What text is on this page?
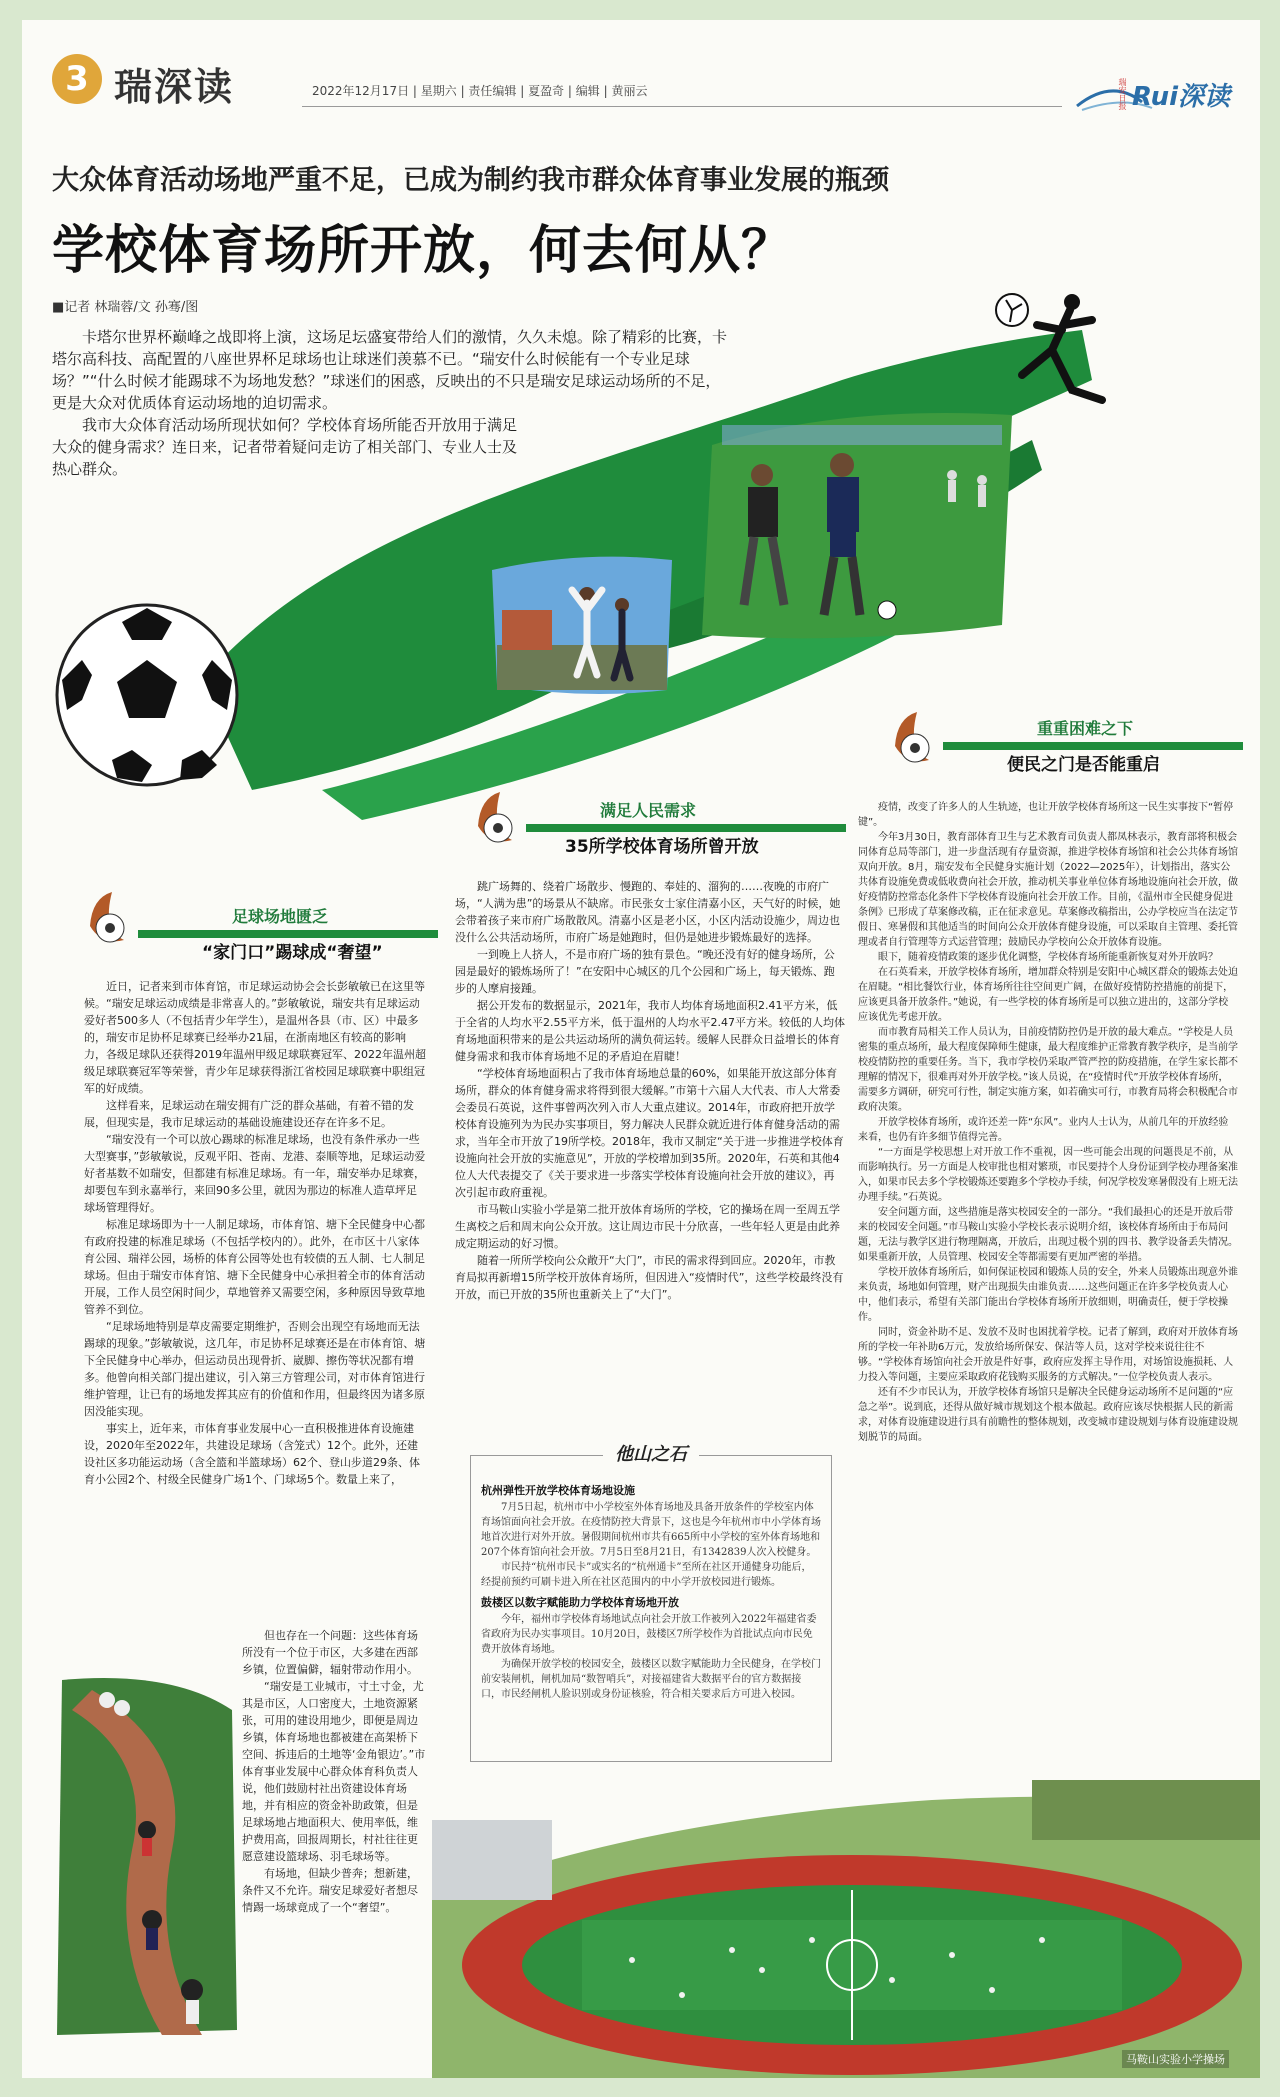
3 瑞深读	2022年12月17日 | 星期六 | 责任编辑 | 夏盈奇 | 编辑 | 黄丽云	瑞安日报 Rui深读
大众体育活动场地严重不足，已成为制约我市群众体育事业发展的瓶颈
学校体育场所开放，何去何从？
■记者 林瑞蓉/文 孙骞/图

卡塔尔世界杯巅峰之战即将上演，这场足坛盛宴带给人们的激情，久久未熄。除了精彩的比赛，卡塔尔高科技、高配置的八座世界杯足球场也让球迷们羡慕不已。“瑞安什么时候能有一个专业足球场？”“什么时候才能踢球不为场地发愁？”球迷们的困惑，反映出的不只是瑞安足球运动场所的不足，更是大众对优质体育运动场地的迫切需求。

我市大众体育活动场所现状如何？学校体育场所能否开放用于满足大众的健身需求？连日来，记者带着疑问走访了相关部门、专业人士及热心群众。

足球场地匮乏
“家门口”踢球成“奢望”
满足人民需求
35所学校体育场所曾开放
重重困难之下
便民之门是否能重启

近日，记者来到市体育馆，市足球运动协会会长彭敏敏已在这里等候。“瑞安足球运动成绩是非常喜人的。”彭敏敏说，瑞安共有足球运动爱好者500多人（不包括青少年学生），是温州各县（市、区）中最多的，瑞安市足协杯足球赛已经举办21届，在浙南地区有较高的影响力，各级足球队还获得2019年温州甲级足球联赛冠军、2022年温州超级足球联赛冠军等荣誉，青少年足球获得浙江省校园足球联赛中职组冠军的好成绩。

这样看来，足球运动在瑞安拥有广泛的群众基础，有着不错的发展，但现实是，我市足球运动的基础设施建设还存在许多不足。

“瑞安没有一个可以放心踢球的标准足球场，也没有条件承办一些大型赛事，”彭敏敏说，反观平阳、苍南、龙港、泰顺等地，足球运动爱好者基数不如瑞安，但都建有标准足球场。有一年，瑞安举办足球赛，却要包车到永嘉举行，来回90多公里，就因为那边的标准人造草坪足球场管理得好。

标准足球场即为十一人制足球场，市体育馆、塘下全民健身中心都有政府投建的标准足球场（不包括学校内的）。此外，在市区十八家体育公园、瑞祥公园，场桥的体育公园等处也有较债的五人制、七人制足球场。但由于瑞安市体育馆、塘下全民健身中心承担着全市的体育活动开展，工作人员空闲时间少，草地管养又需要空闲，多种原因导致草地管养不到位。

“足球场地特别是草皮需要定期维护，否则会出现空有场地而无法踢球的现象。”彭敏敏说，这几年，市足协杯足球赛还是在市体育馆、塘下全民健身中心举办，但运动员出现骨折、崴脚、擦伤等状况都有增多。他曾向相关部门提出建议，引入第三方管理公司，对市体育馆进行维护管理，让已有的场地发挥其应有的价值和作用，但最终因为诸多原因没能实现。

事实上，近年来，市体育事业发展中心一直积极推进体育设施建设，2020年至2022年，共建设足球场（含笼式）12个。此外，还建设社区多功能运动场（含全篮和半篮球场）62个、登山步道29条、体育小公园2个、村级全民健身广场1个、门球场5个。数量上来了，

但也存在一个问题：这些体育场所没有一个位于市区，大多建在西部乡镇，位置偏僻，辐射带动作用小。

“瑞安是工业城市，寸土寸金，尤其是市区，人口密度大，土地资源紧张，可用的建设用地少，即便是周边乡镇，体育场地也都被建在高架桥下空间、拆违后的土地等‘金角银边’。”市体育事业发展中心群众体育科负责人说，他们鼓励村社出资建设体育场地，并有相应的资金补助政策，但是足球场地占地面积大、使用率低，维护费用高，回报周期长，村社往往更愿意建设篮球场、羽毛球场等。

有场地，但缺少普奔；想新建，条件又不允许。瑞安足球爱好者想尽情踢一场球竟成了一个“奢望”。

跳广场舞的、绕着广场散步、慢跑的、奉娃的、溜狗的……夜晚的市府广场，“人满为患”的场景从不缺席。市民张女士家住清嘉小区，天气好的时候，她会带着孩子来市府广场散散风。清嘉小区是老小区，小区内活动设施少，周边也没什么公共活动场所，市府广场是她跑时，但仍是她进步锻炼最好的选择。

一到晚上人挤人，不是市府广场的独有景色。“晚还没有好的健身场所，公园是最好的锻炼场所了！”在安阳中心城区的几个公园和广场上，每天锻炼、跑步的人摩肩接踵。

据公开发布的数据显示，2021年，我市人均体育场地面积2.41平方米，低于全省的人均水平2.55平方米，低于温州的人均水平2.47平方米。较低的人均体育场地面积带来的是公共运动场所的满负荷运转。缓解人民群众日益增长的体育健身需求和我市体育场地不足的矛盾迫在眉睫！

“学校体育场地面积占了我市体育场地总量的60%，如果能开放这部分体育场所，群众的体育健身需求将得到很大缓解。”市第十六届人大代表、市人大常委会委员石英说，这件事曾两次列入市人大重点建议。2014年，市政府把开放学校体育设施列为为民办实事项目，努力解决人民群众就近进行体育健身活动的需求，当年全市开放了19所学校。2018年，我市又制定“关于进一步推进学校体育设施向社会开放的实施意见”，开放的学校增加到35所。2020年，石英和其他4位人大代表提交了《关于要求进一步落实学校体育设施向社会开放的建议》，再次引起市政府重视。

市马鞍山实验小学是第二批开放体育场所的学校，它的操场在周一至周五学生离校之后和周末向公众开放。这让周边市民十分欣喜，一些年轻人更是由此养成定期运动的好习惯。

随着一所所学校向公众敞开“大门”，市民的需求得到回应。2020年，市教育局拟再新增15所学校开放体育场所，但因进入“疫情时代”，这些学校最终没有开放，而已开放的35所也重新关上了“大门”。

他山之石
杭州弹性开放学校体育场地设施

7月5日起，杭州市中小学校室外体育场地及具备开放条件的学校室内体育场馆面向社会开放。在疫情防控大背景下，这也是今年杭州市中小学体育场地首次进行对外开放。暑假期间杭州市共有665所中小学校的室外体育场地和207个体育馆向社会开放。7月5日至8月21日，有1342839人次入校健身。

市民持“杭州市民卡”或实名的“杭州通卡”至所在社区开通健身功能后，经提前预约可刷卡进入所在社区范围内的中小学开放校园进行锻炼。

鼓楼区以数字赋能助力学校体育场地开放

今年，福州市学校体育场地试点向社会开放工作被列入2022年福建省委省政府为民办实事项目。10月20日，鼓楼区7所学校作为首批试点向市民免费开放体育场地。

为确保开放学校的校园安全，鼓楼区以数字赋能助力全民健身，在学校门前安装闸机，闸机加局“数智哨兵”，对接福建省大数据平台的官方数据接口，市民经闸机人脸识别或身份证核验，符合相关要求后方可进入校园。

疫情，改变了许多人的人生轨迹，也让开放学校体育场所这一民生实事按下“暂停键”。

今年3月30日，教育部体育卫生与艺术教育司负责人都凤林表示，教育部将积极会同体育总局等部门，进一步盘活现有存量资源，推进学校体育场馆和社会公共体育场馆双向开放。8月，瑞安发布全民健身实施计划（2022—2025年），计划指出，落实公共体育设施免费或低收费向社会开放，推动机关事业单位体育场地设施向社会开放，做好疫情防控常态化条件下学校体育设施向社会开放工作。目前，《温州市全民健身促进条例》已形成了草案修改稿，正在征求意见。草案修改稿指出，公办学校应当在法定节假日、寒暑假和其他适当的时间向公众开放体育健身设施，可以采取自主管理、委托管理或者自行管理等方式运营管理；鼓励民办学校向公众开放体育设施。

眼下，随着疫情政策的逐步优化调整，学校体育场所能重新恢复对外开放吗？

在石英看来，开放学校体育场所，增加群众特别是安阳中心城区群众的锻炼去处迫在眉睫。“相比餐饮行业，体育场所往往空间更广阔，在做好疫情防控措施的前提下，应该更具备开放条件。”她说，有一些学校的体育场所是可以独立进出的，这部分学校应该优先考虑开放。

而市教育局相关工作人员认为，目前疫情防控仍是开放的最大难点。“学校是人员密集的重点场所，最大程度保障师生健康，最大程度维护正常教育教学秩序，是当前学校疫情防控的重要任务。当下，我市学校仍采取严管严控的防疫措施，在学生家长都不理解的情况下，很难再对外开放学校。”该人员说，在“疫情时代”开放学校体育场所，需要多方调研，研究可行性，制定实施方案，如若确实可行，市教育局将会积极配合市政府决策。

开放学校体育场所，或许还差一阵“东风”。业内人士认为，从前几年的开放经验来看，也仍有许多细节值得完善。

“一方面是学校思想上对开放工作不重视，因一些可能会出现的问题畏足不前，从而影响执行。另一方面是人校审批也相对繁琐，市民要持个人身份证到学校办理备案准入，如果市民去多个学校锻炼还要跑多个学校办手续，何况学校发寒暑假没有上班无法办理手续。”石英说。

安全问题方面，这些措施是落实校园安全的一部分。“我们最担心的还是开放后带来的校园安全问题。”市马鞍山实验小学校长表示说明介绍，该校体育场所由于布局问题，无法与教学区进行物理隔离，开放后，出现过极个别的四书、教学设备丢失情况。如果重新开放，人员管理、校园安全等都需要有更加严密的举措。

学校开放体育场所后，如何保证校园和锻炼人员的安全，外来人员锻炼出现意外谁来负责，场地如何管理，财产出现损失由谁负责……这些问题正在许多学校负责人心中，他们表示，希望有关部门能出台学校体育场所开放细则，明确责任，便于学校操作。

同时，资金补助不足、发放不及时也困扰着学校。记者了解到，政府对开放体育场所的学校一年补助6万元，发放给场所保安、保洁等人员，这对学校来说往往不够。“学校体育场馆向社会开放是件好事，政府应发挥主导作用，对场馆设施损耗、人力投入等问题，主要应采取政府花钱购买服务的方式解决。”一位学校负责人表示。

还有不少市民认为，开放学校体育场馆只是解决全民健身运动场所不足问题的“应急之举”。说到底，还得从做好城市规划这个根本做起。政府应该尽快根据人民的新需求，对体育设施建设进行具有前瞻性的整体规划，改变城市建设规划与体育设施建设规划脱节的局面。

马鞍山实验小学操场
